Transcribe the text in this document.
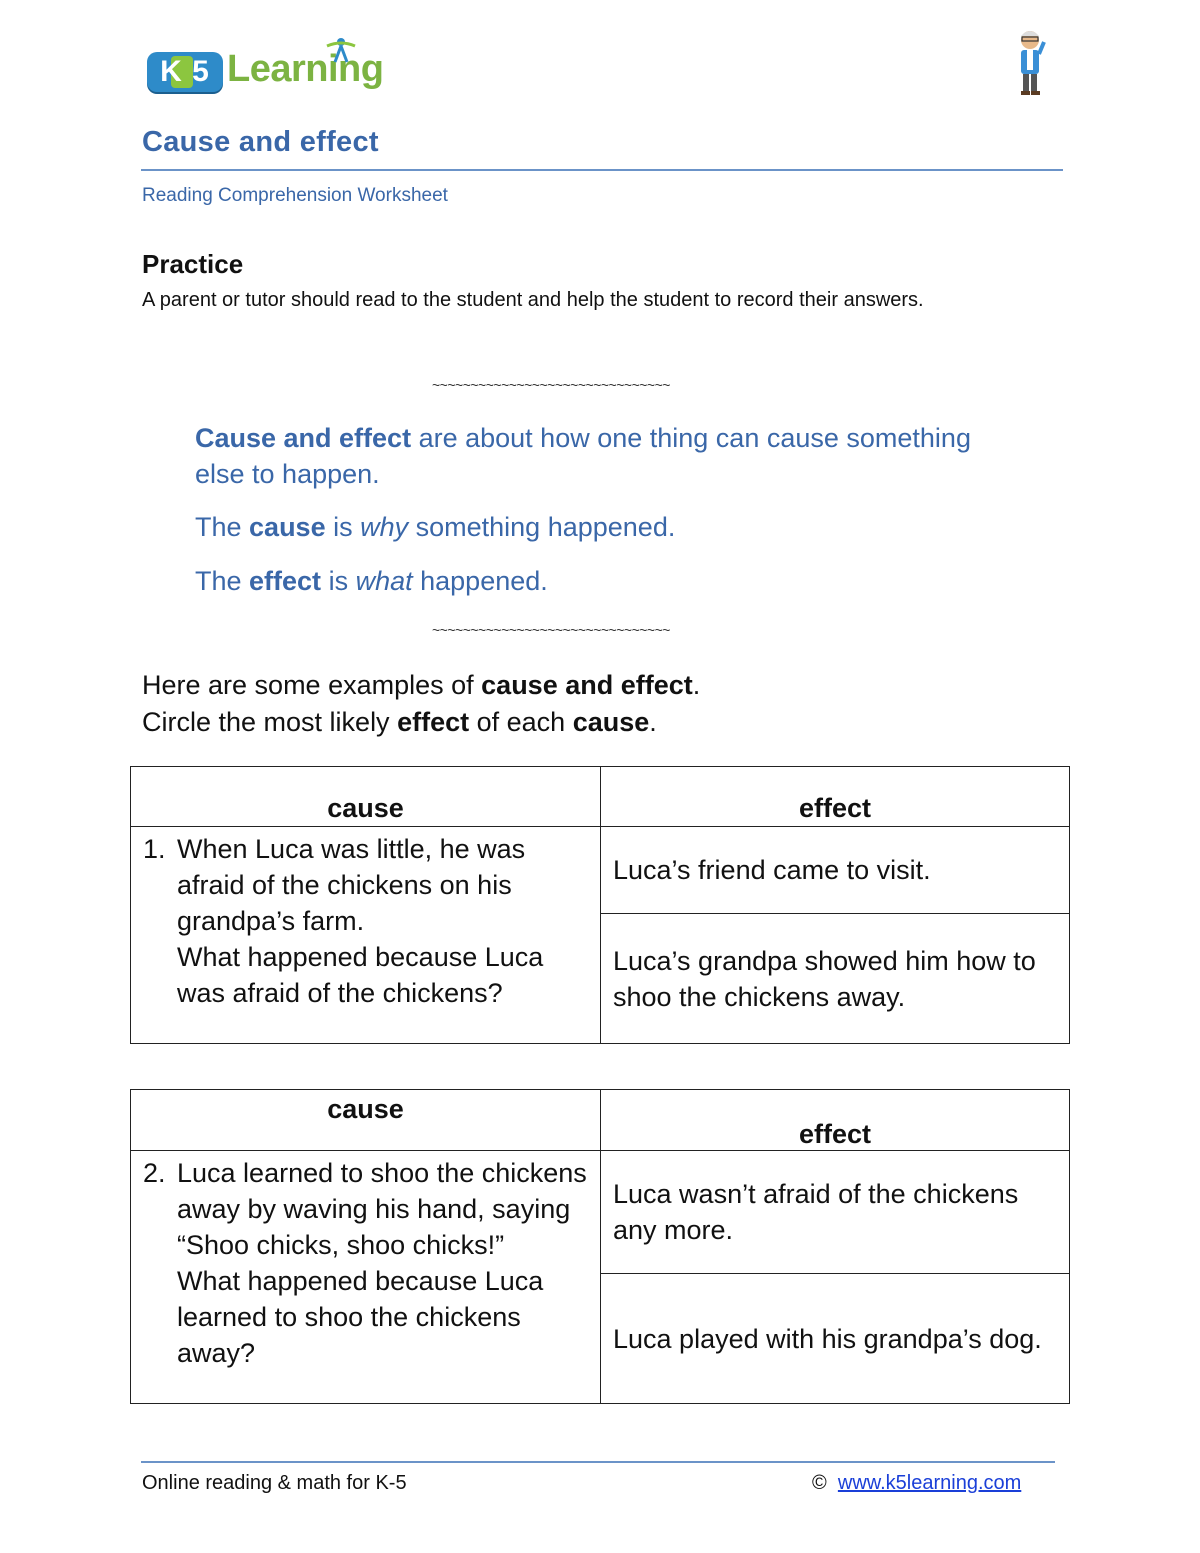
K 5 Learning
Cause and effect
Reading Comprehension Worksheet
Practice
A parent or tutor should read to the student and help the student to record their answers.
~~~~~~~~~~~~~~~~~~~~~~~~~~~~~~~
Cause and effect are about how one thing can cause something else to happen.
The cause is why something happened.
The effect is what happened.
~~~~~~~~~~~~~~~~~~~~~~~~~~~~~~~
Here are some examples of cause and effect.
Circle the most likely effect of each cause.
cause	effect

1. When Luca was little, he was afraid of the chickens on his grandpa’s farm.
What happened because Luca was afraid of the chickens?	Luca’s friend came to visit.
	Luca’s grandpa showed him how to shoo the chickens away.
cause	effect

2. Luca learned to shoo the chickens away by waving his hand, saying “Shoo chicks, shoo chicks!”
What happened because Luca learned to shoo the chickens away?	Luca wasn’t afraid of the chickens any more.
	Luca played with his grandpa’s dog.
Online reading & math for K-5	© www.k5learning.com
